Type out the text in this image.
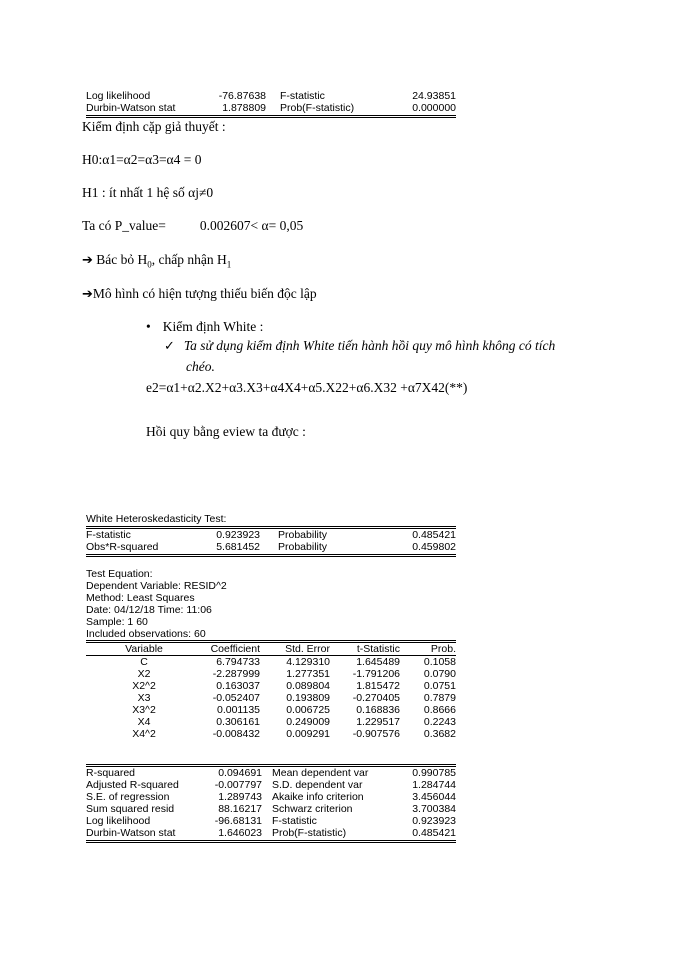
Log likelihood	-76.87638 F-statistic	24.93851
Durbin-Watson stat	1.878809 Prob(F-statistic)	0.000000
Kiểm định cặp giả thuyết :
H0:α1=α2=α3=α4 = 0
H1 : ít nhất 1 hệ số αj≠0
Ta có P_value=	0.002607< α= 0,05
➔ Bác bỏ $H_0$, chấp nhận $H_1$
➔Mô hình có hiện tượng thiếu biến độc lập
• Kiểm định White :
✓ Ta sử dụng kiểm định White tiến hành hồi quy mô hình không có tích
chéo.
e2=α1+α2.X2+α3.X3+α4X4+α5.X22+α6.X32 +α7X42(**)
Hồi quy bằng eview ta được :
White Heteroskedasticity Test:
F-statistic	0.923923 Probability	0.485421
Obs*R-squared	5.681452 Probability	0.459802
Test Equation:
Dependent Variable: RESID^2
Method: Least Squares
Date: 04/12/18 Time: 11:06
Sample: 1 60
Included observations: 60
Variable	Coefficient	Std. Error	t-Statistic	Prob.
C	6.794733	4.129310	1.645489	0.1058
X2	-2.287999	1.277351	-1.791206	0.0790
X2^2	0.163037	0.089804	1.815472	0.0751
X3	-0.052407	0.193809	-0.270405	0.7879
X3^2	0.001135	0.006725	0.168836	0.8666
X4	0.306161	0.249009	1.229517	0.2243
X4^2	-0.008432	0.009291	-0.907576	0.3682
R-squared	0.094691 Mean dependent var	0.990785
Adjusted R-squared	-0.007797 S.D. dependent var	1.284744
S.E. of regression	1.289743 Akaike info criterion	3.456044
Sum squared resid	88.16217 Schwarz criterion	3.700384
Log likelihood	-96.68131 F-statistic	0.923923
Durbin-Watson stat	1.646023 Prob(F-statistic)	0.485421
